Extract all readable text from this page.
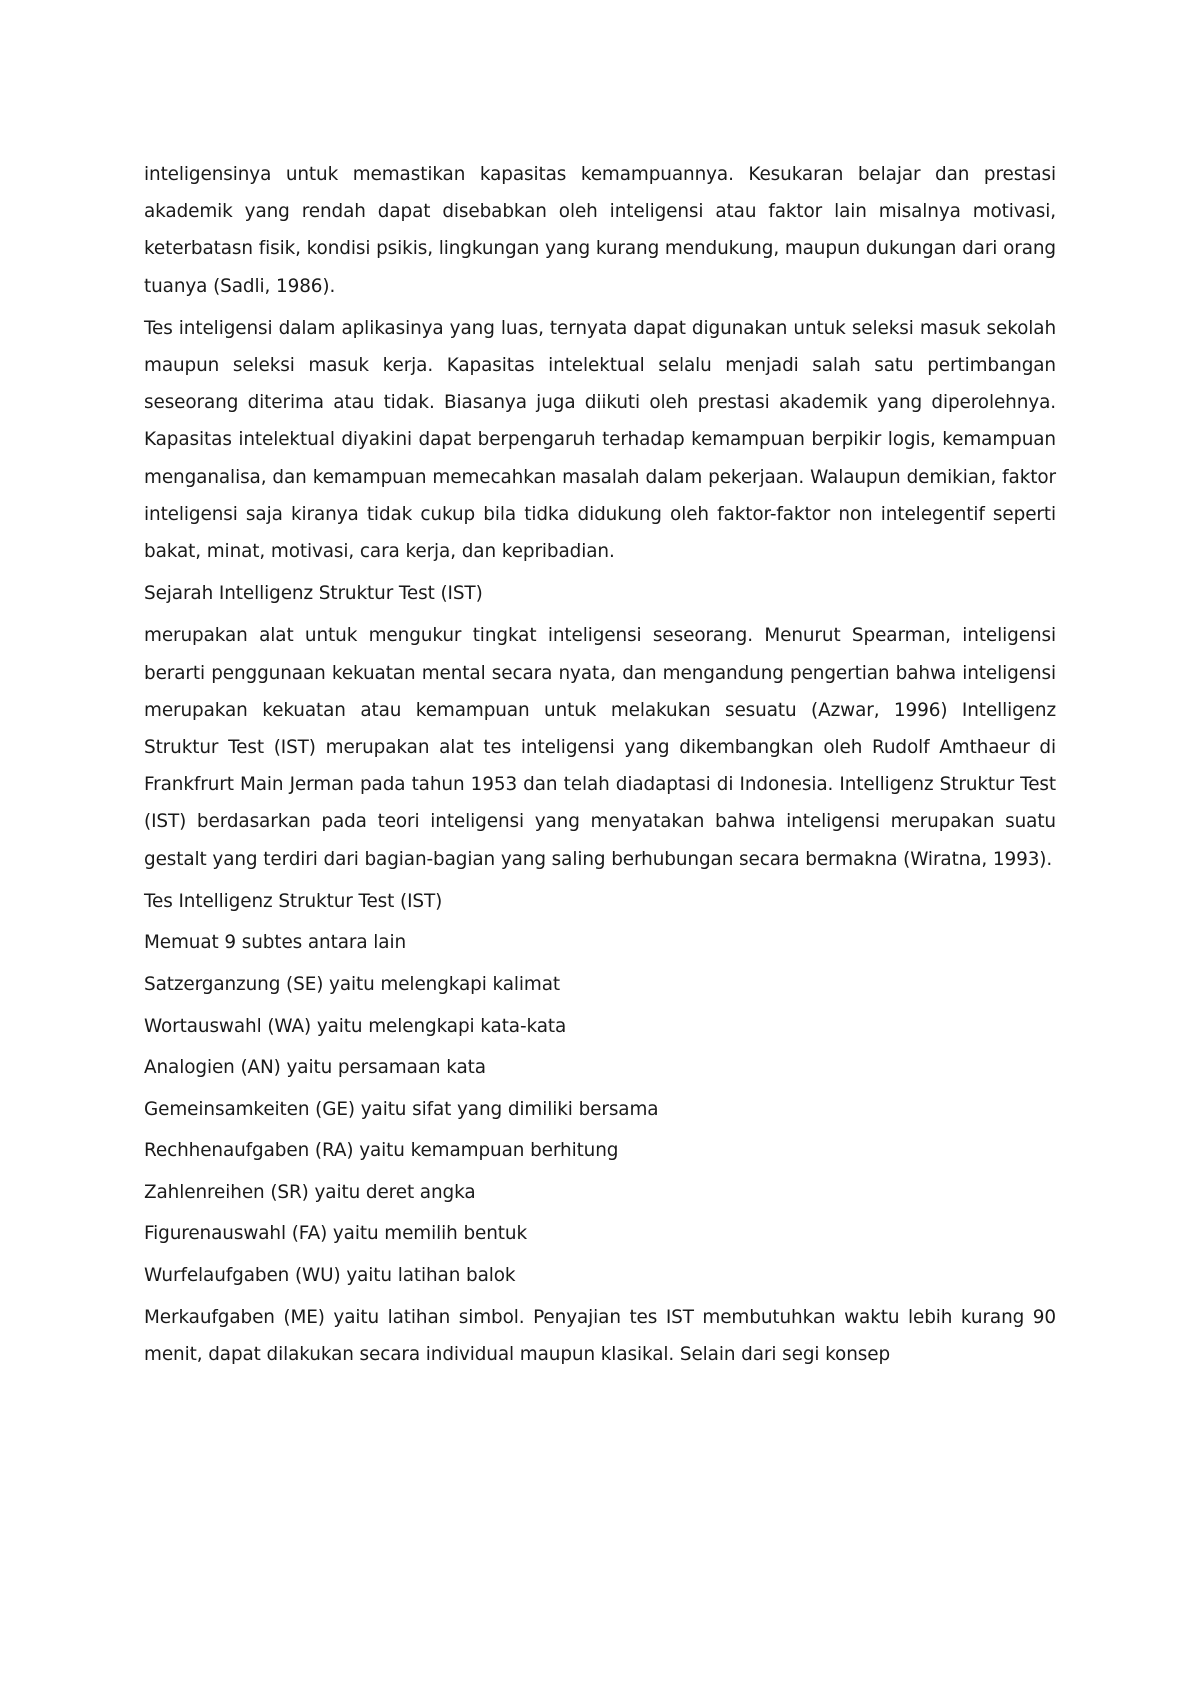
inteligensinya untuk memastikan kapasitas kemampuannya. Kesukaran belajar dan prestasi akademik yang rendah dapat disebabkan oleh inteligensi atau faktor lain misalnya motivasi, keterbatasn fisik, kondisi psikis, lingkungan yang kurang mendukung, maupun dukungan dari orang tuanya (Sadli, 1986).

Tes inteligensi dalam aplikasinya yang luas, ternyata dapat digunakan untuk seleksi masuk sekolah maupun seleksi masuk kerja. Kapasitas intelektual selalu menjadi salah satu pertimbangan seseorang diterima atau tidak. Biasanya juga diikuti oleh prestasi akademik yang diperolehnya. Kapasitas intelektual diyakini dapat berpengaruh terhadap kemampuan berpikir logis, kemampuan menganalisa, dan kemampuan memecahkan masalah dalam pekerjaan. Walaupun demikian, faktor inteligensi saja kiranya tidak cukup bila tidka didukung oleh faktor-faktor non intelegentif seperti bakat, minat, motivasi, cara kerja, dan kepribadian.

Sejarah Intelligenz Struktur Test (IST)

merupakan alat untuk mengukur tingkat inteligensi seseorang. Menurut Spearman, inteligensi berarti penggunaan kekuatan mental secara nyata, dan mengandung pengertian bahwa inteligensi merupakan kekuatan atau kemampuan untuk melakukan sesuatu (Azwar, 1996) Intelligenz Struktur Test (IST) merupakan alat tes inteligensi yang dikembangkan oleh Rudolf Amthaeur di Frankfrurt Main Jerman pada tahun 1953 dan telah diadaptasi di Indonesia. Intelligenz Struktur Test (IST) berdasarkan pada teori inteligensi yang menyatakan bahwa inteligensi merupakan suatu gestalt yang terdiri dari bagian-bagian yang saling berhubungan secara bermakna (Wiratna, 1993).

Tes Intelligenz Struktur Test (IST)

Memuat 9 subtes antara lain

Satzerganzung (SE) yaitu melengkapi kalimat

Wortauswahl (WA) yaitu melengkapi kata-kata

Analogien (AN) yaitu persamaan kata

Gemeinsamkeiten (GE) yaitu sifat yang dimiliki bersama

Rechhenaufgaben (RA) yaitu kemampuan berhitung

Zahlenreihen (SR) yaitu deret angka

Figurenauswahl (FA) yaitu memilih bentuk

Wurfelaufgaben (WU) yaitu latihan balok

Merkaufgaben (ME) yaitu latihan simbol. Penyajian tes IST membutuhkan waktu lebih kurang 90 menit, dapat dilakukan secara individual maupun klasikal. Selain dari segi konsep
